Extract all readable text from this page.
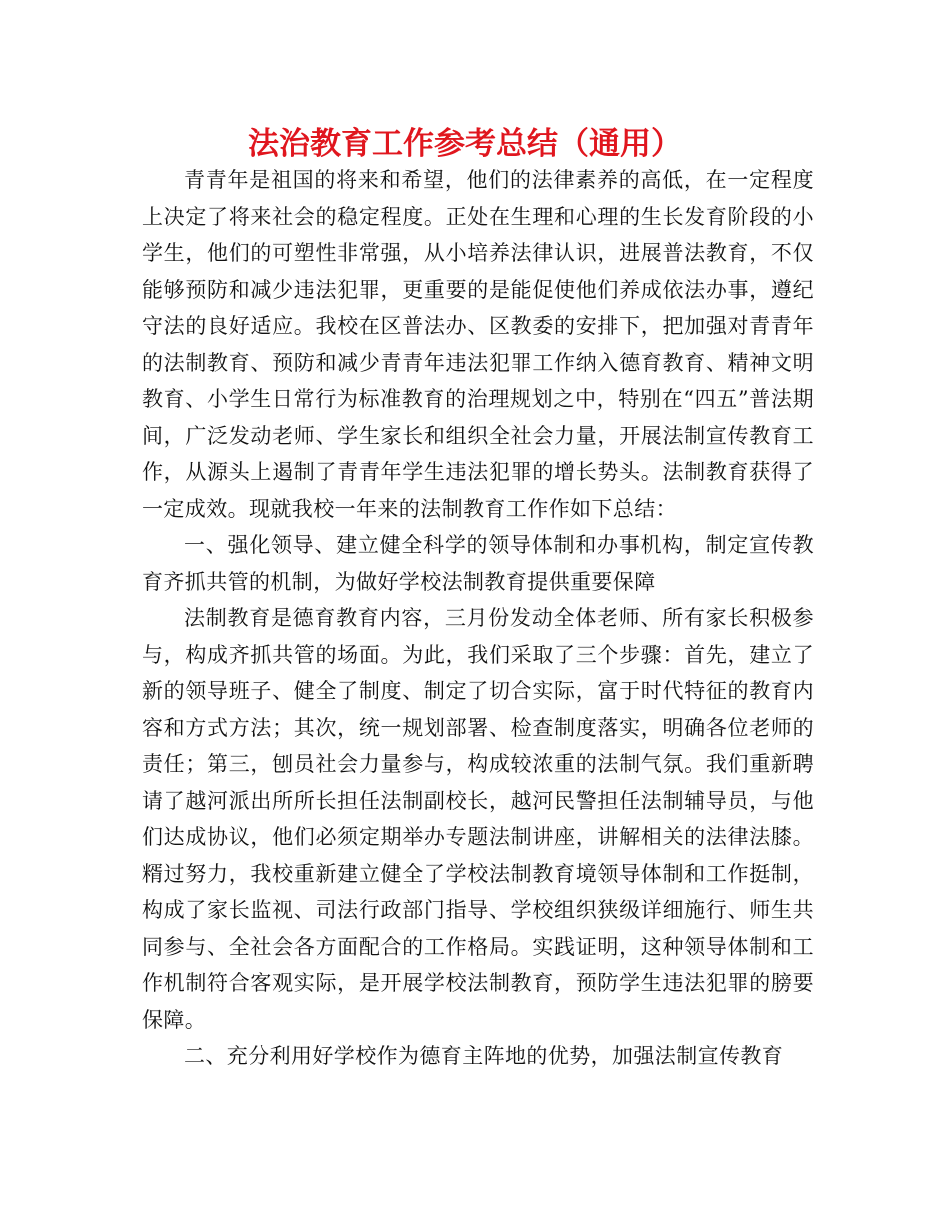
法治教育工作参考总结（通用）

青青年是祖国的将来和希望，他们的法律素养的高低，在一定程度上决定了将来社会的稳定程度。正处在生理和心理的生长发育阶段的小学生，他们的可塑性非常强，从小培养法律认识，进展普法教育，不仅能够预防和减少违法犯罪，更重要的是能促使他们养成依法办事，遵纪守法的良好适应。我校在区普法办、区教委的安排下，把加强对青青年的法制教育、预防和减少青青年违法犯罪工作纳入德育教育、精神文明教育、小学生日常行为标准教育的治理规划之中，特别在“四五”普法期间，广泛发动老师、学生家长和组织全社会力量，开展法制宣传教育工作，从源头上遏制了青青年学生违法犯罪的增长势头。法制教育获得了一定成效。现就我校一年来的法制教育工作作如下总结：

一、强化领导、建立健全科学的领导体制和办事机构，制定宣传教育齐抓共管的机制，为做好学校法制教育提供重要保障

法制教育是德育教育内容，三月份发动全体老师、所有家长积极参与，构成齐抓共管的场面。为此，我们采取了三个步骤：首先，建立了新的领导班子、健全了制度、制定了切合实际，富于时代特征的教育内容和方式方法；其次，统一规划部署、检查制度落实，明确各位老师的责任；第三，刨员社会力量参与，构成较浓重的法制气氛。我们重新聘请了越河派出所所长担任法制副校长，越河民警担任法制辅导员，与他们达成协议，他们必须定期举办专题法制讲座，讲解相关的法律法膝。糈过努力，我校重新建立健全了学校法制教育境领导体制和工作挺制，构成了家长监视、司法行政部门指导、学校组织狭级详细施行、师生共同参与、全社会各方面配合的工作格局。实践证明，这种领导体制和工作机制符合客观实际，是开展学校法制教育，预防学生违法犯罪的膀要保障。

二、充分利用好学校作为德育主阵地的优势，加强法制宣传教育
